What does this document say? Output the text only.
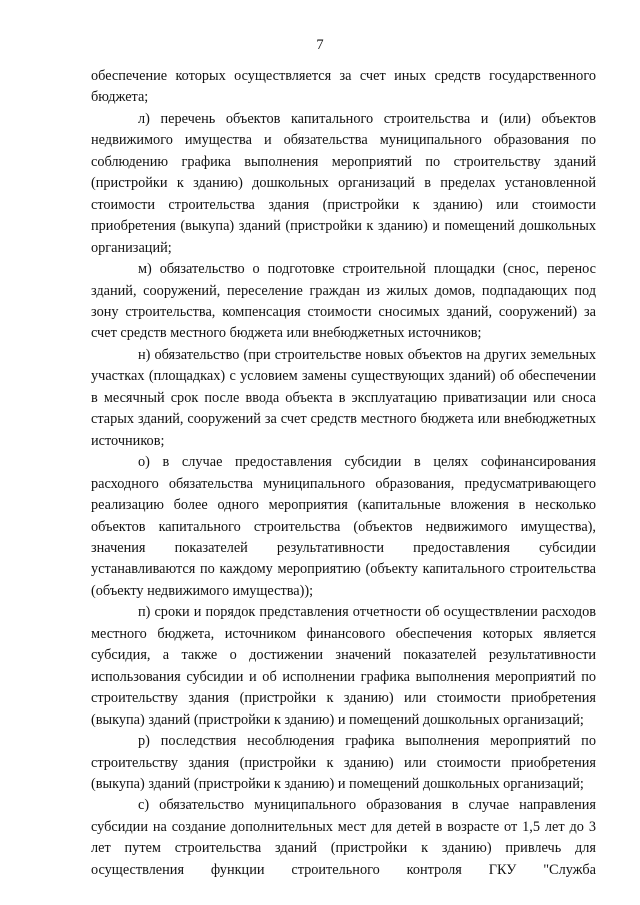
7

обеспечение которых осуществляется за счет иных средств государственного бюджета;

л) перечень объектов капитального строительства и (или) объектов недвижимого имущества и обязательства муниципального образования по соблюдению графика выполнения мероприятий по строительству зданий (пристройки к зданию) дошкольных организаций в пределах установленной стоимости строительства здания (пристройки к зданию) или стоимости приобретения (выкупа) зданий (пристройки к зданию) и помещений дошкольных организаций;

м) обязательство о подготовке строительной площадки (снос, перенос зданий, сооружений, переселение граждан из жилых домов, подпадающих под зону строительства, компенсация стоимости сносимых зданий, сооружений) за счет средств местного бюджета или внебюджетных источников;

н) обязательство (при строительстве новых объектов на других земельных участках (площадках) с условием замены существующих зданий) об обеспечении в месячный срок после ввода объекта в эксплуатацию приватизации или сноса старых зданий, сооружений за счет средств местного бюджета или внебюджетных источников;

о) в случае предоставления субсидии в целях софинансирования расходного обязательства муниципального образования, предусматривающего реализацию более одного мероприятия (капитальные вложения в несколько объектов капитального строительства (объектов недвижимого имущества), значения показателей результативности предоставления субсидии устанавливаются по каждому мероприятию (объекту капитального строительства (объекту недвижимого имущества));

п) сроки и порядок представления отчетности об осуществлении расходов местного бюджета, источником финансового обеспечения которых является субсидия, а также о достижении значений показателей результативности использования субсидии и об исполнении графика выполнения мероприятий по строительству здания (пристройки к зданию) или стоимости приобретения (выкупа) зданий (пристройки к зданию) и помещений дошкольных организаций;

р) последствия несоблюдения графика выполнения мероприятий по строительству здания (пристройки к зданию) или стоимости приобретения (выкупа) зданий (пристройки к зданию) и помещений дошкольных организаций;

с) обязательство муниципального образования в случае направления субсидии на создание дополнительных мест для детей в возрасте от 1,5 лет до 3 лет путем строительства зданий (пристройки к зданию) привлечь для осуществления функции строительного контроля ГКУ "Служба
